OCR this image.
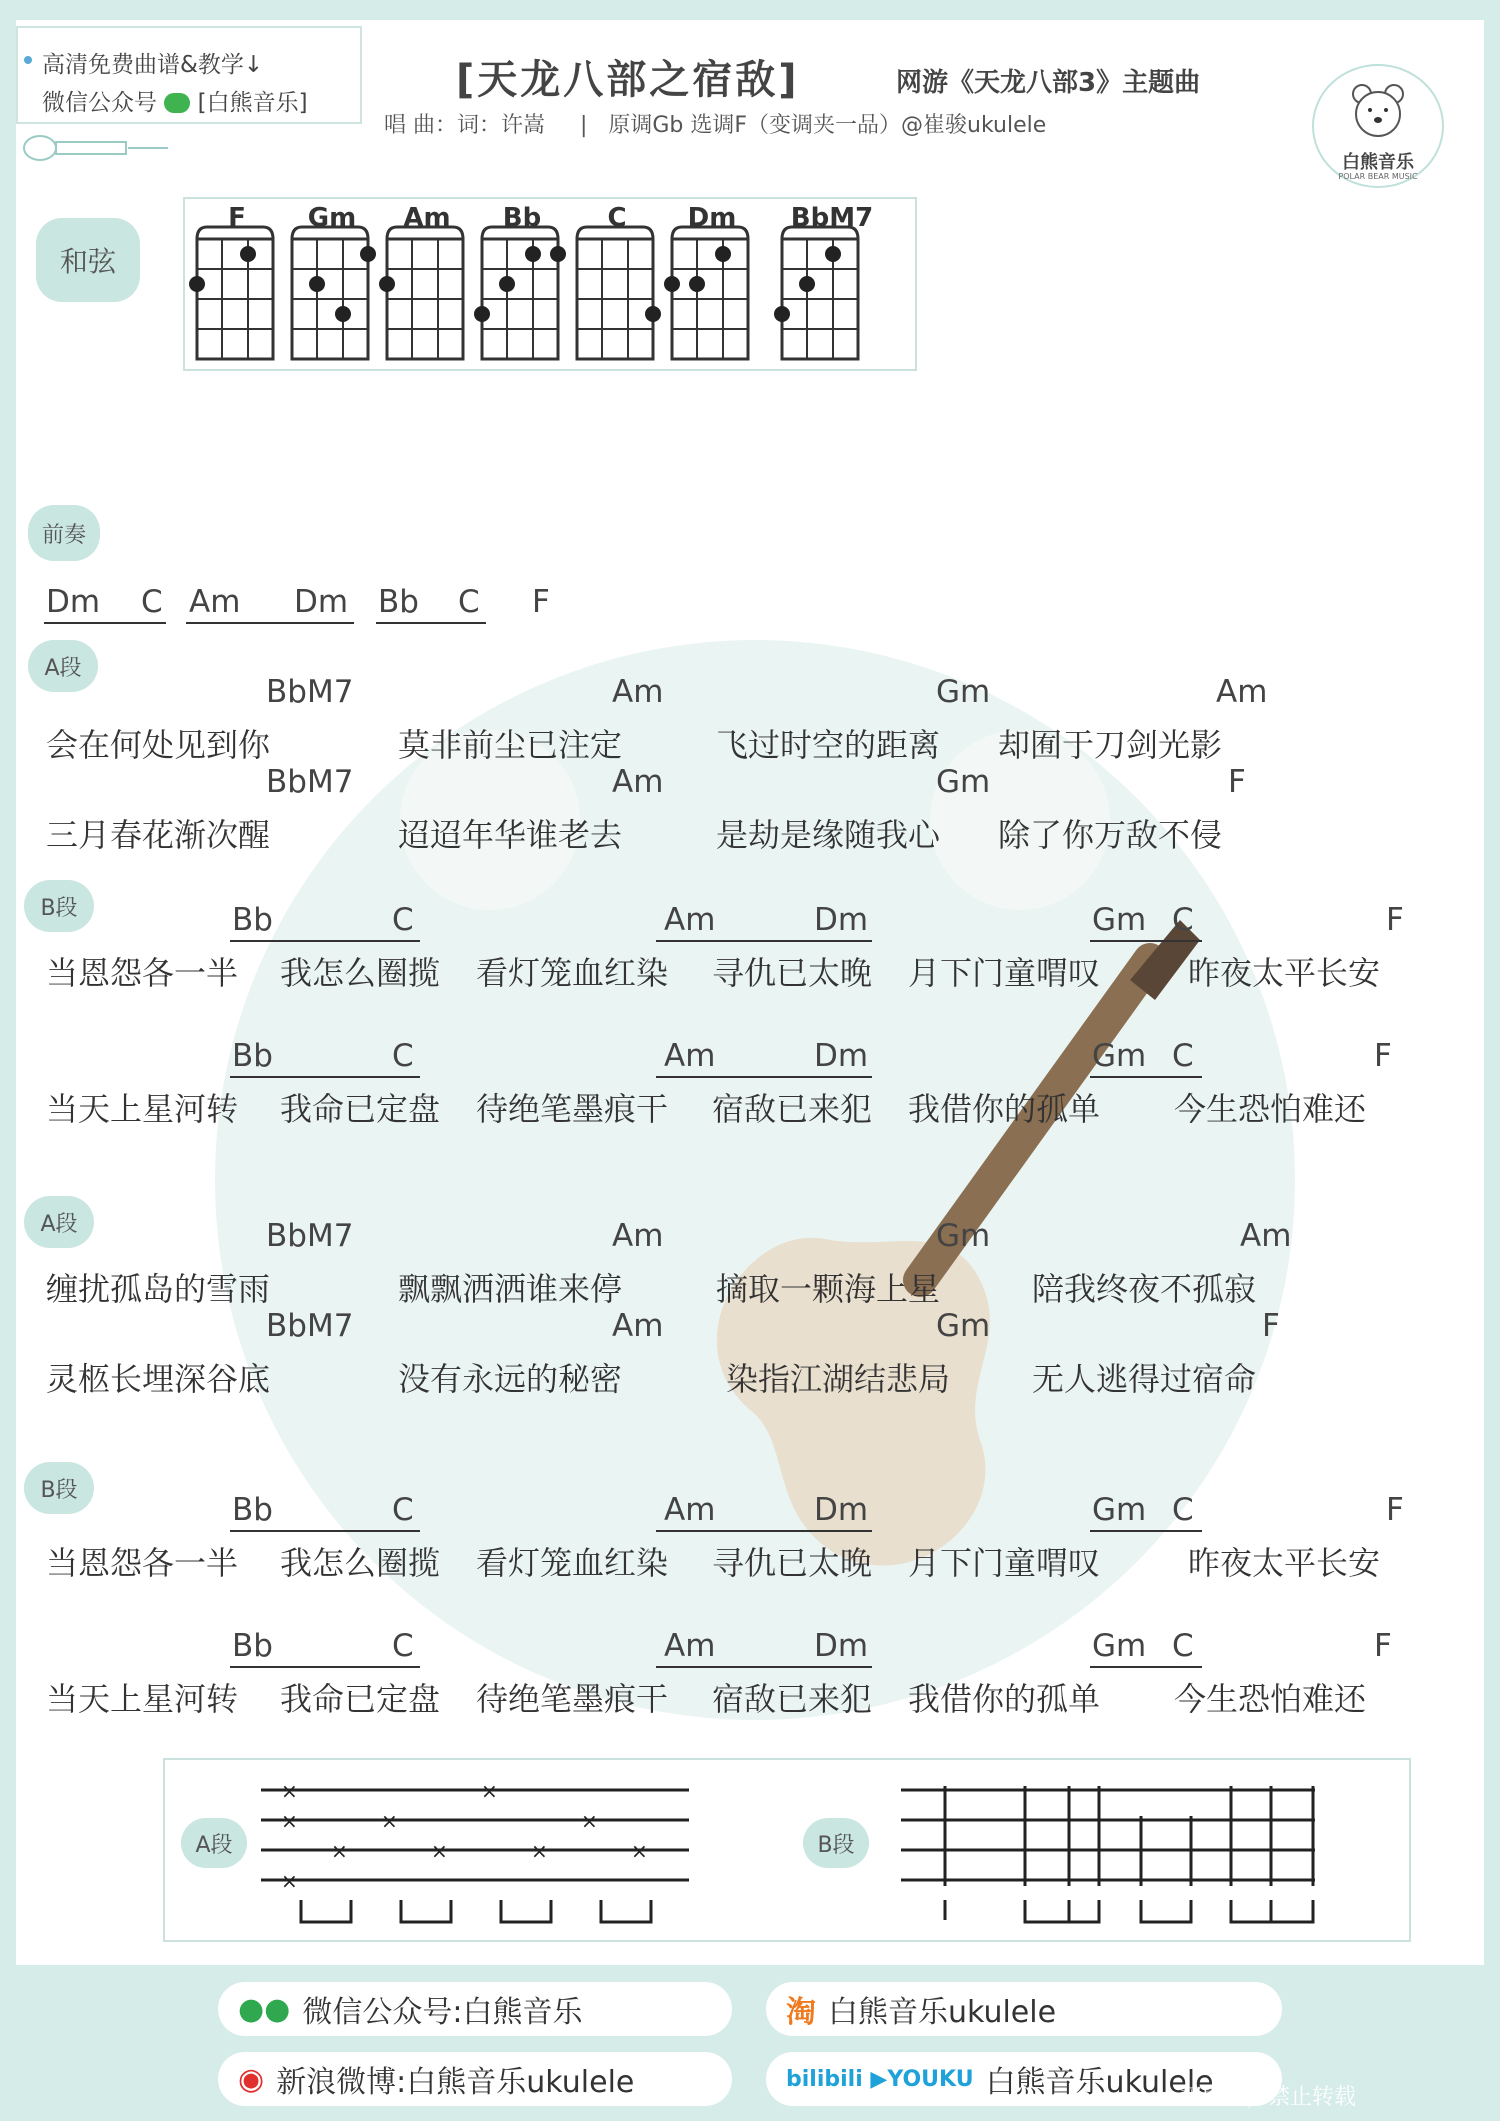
高清免费曲谱&教学↓
微信公众号 [白熊音乐]	[天龙八部之宿敌]	网游《天龙八部3》主题曲
唱 曲：词：许嵩     |   原调Gb 选调F（变调夹一品）@崔骏ukulele
白熊音乐
POLAR BEAR MUSIC
和弦
F	Gm	Am	Bb	C	Dm	BbM7
前奏
Dm C Am Dm Bb C F
A段
BbM7	Am	Gm	Am
会在何处见到你	莫非前尘已注定	飞过时空的距离 却囿于刀剑光影
BbM7	Am	Gm	F
三月春花渐次醒	迢迢年华谁老去	是劫是缘随我心 除了你万敌不侵
B段	Bb	C	Am	Dm	Gm C	F
当恩怨各一半 我怎么圈揽 看灯笼血红染 寻仇已太晚 月下门童喟叹	昨夜太平长安
Bb	C	Am	Dm	Gm C	F
当天上星河转 我命已定盘 待绝笔墨痕干 宿敌已来犯 我借你的孤单 今生恐怕难还
A段	BbM7	Am	Gm	Am
缠扰孤岛的雪雨	飘飘洒洒谁来停	摘取一颗海上星	陪我终夜不孤寂
BbM7	Am	Gm	F
灵柩长埋深谷底	没有永远的秘密	染指江湖结悲局	无人逃得过宿命
B段
Bb	C	Am	Dm	Gm C	F
当恩怨各一半 我怎么圈揽 看灯笼血红染 寻仇已太晚 月下门童喟叹	昨夜太平长安
Bb	C	Am	Dm	Gm C	F
当天上星河转 我命已定盘 待绝笔墨痕干 宿敌已来犯 我借你的孤单 今生恐怕难还
A段	B段
×
×
×
×
×
×
×
×
×
×
●● 微信公众号:白熊音乐	淘 白熊音乐ukulele
◉ 新浪微博:白熊音乐ukulele	bilibili ▶YOUKU 白熊音乐ukulele
权所有，禁止转载
